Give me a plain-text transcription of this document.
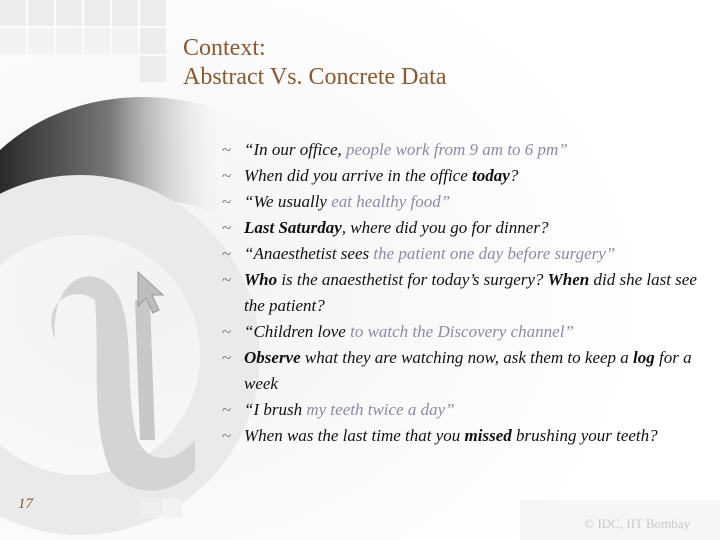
Context:
Abstract Vs. Concrete Data
~ “In our office, people work from 9 am to 6 pm”
~ When did you arrive in the office today?
~ “We usually eat healthy food”
~ Last Saturday, where did you go for dinner?
~ “Anaesthetist sees the patient one day before surgery”
~ Who is the anaesthetist for today’s surgery? When did she last see the patient?
~ “Children love to watch the Discovery channel”
~ Observe what they are watching now, ask them to keep a log for a week
~ “I brush my teeth twice a day”
~ When was the last time that you missed brushing your teeth?
17
© IDC, IIT Bombay
